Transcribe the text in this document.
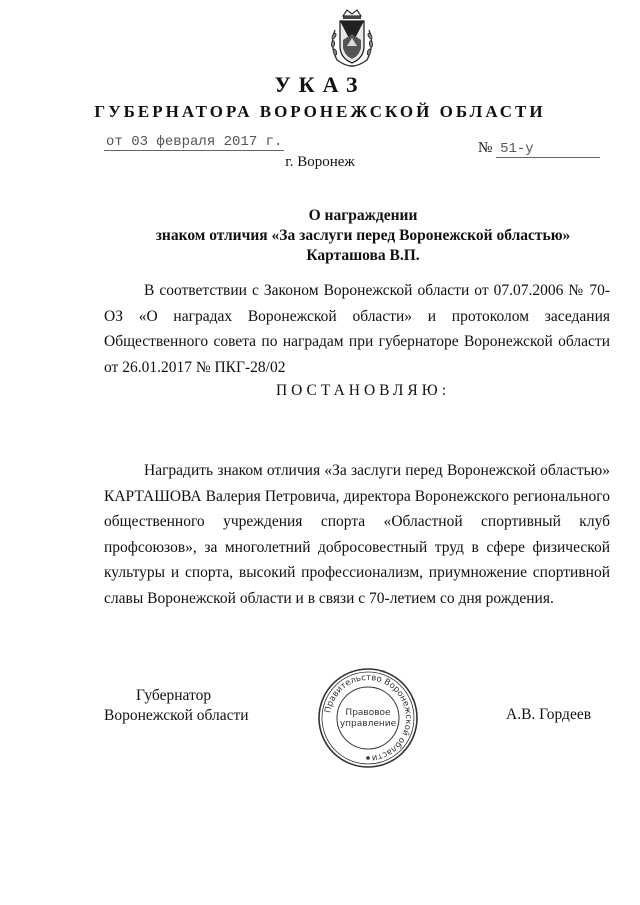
УКАЗ
ГУБЕРНАТОРА ВОРОНЕЖСКОЙ ОБЛАСТИ
от 03 февраля 2017 г.	№ 51-у
г. Воронеж
О награждении
знаком отличия «За заслуги перед Воронежской областью»
Карташова В.П.

В соответствии с Законом Воронежской области от 07.07.2006 № 70-ОЗ «О наградах Воронежской области» и протоколом заседания Общественного совета по наградам при губернаторе Воронежской области от 26.01.2017 № ПКГ-28/02

ПОСТАНОВЛЯЮ:

Наградить знаком отличия «За заслуги перед Воронежской областью» КАРТАШОВА Валерия Петровича, директора Воронежского регионального общественного учреждения спорта «Областной спортивный клуб профсоюзов», за многолетний добросовестный труд в сфере физической культуры и спорта, высокий профессионализм, приумножение спортивной славы Воронежской области и в связи с 70-летием со дня рождения.

Губернатор
Воронежской области	Правительство Воронежской области
Правовое
управление
А.В. Гордеев
